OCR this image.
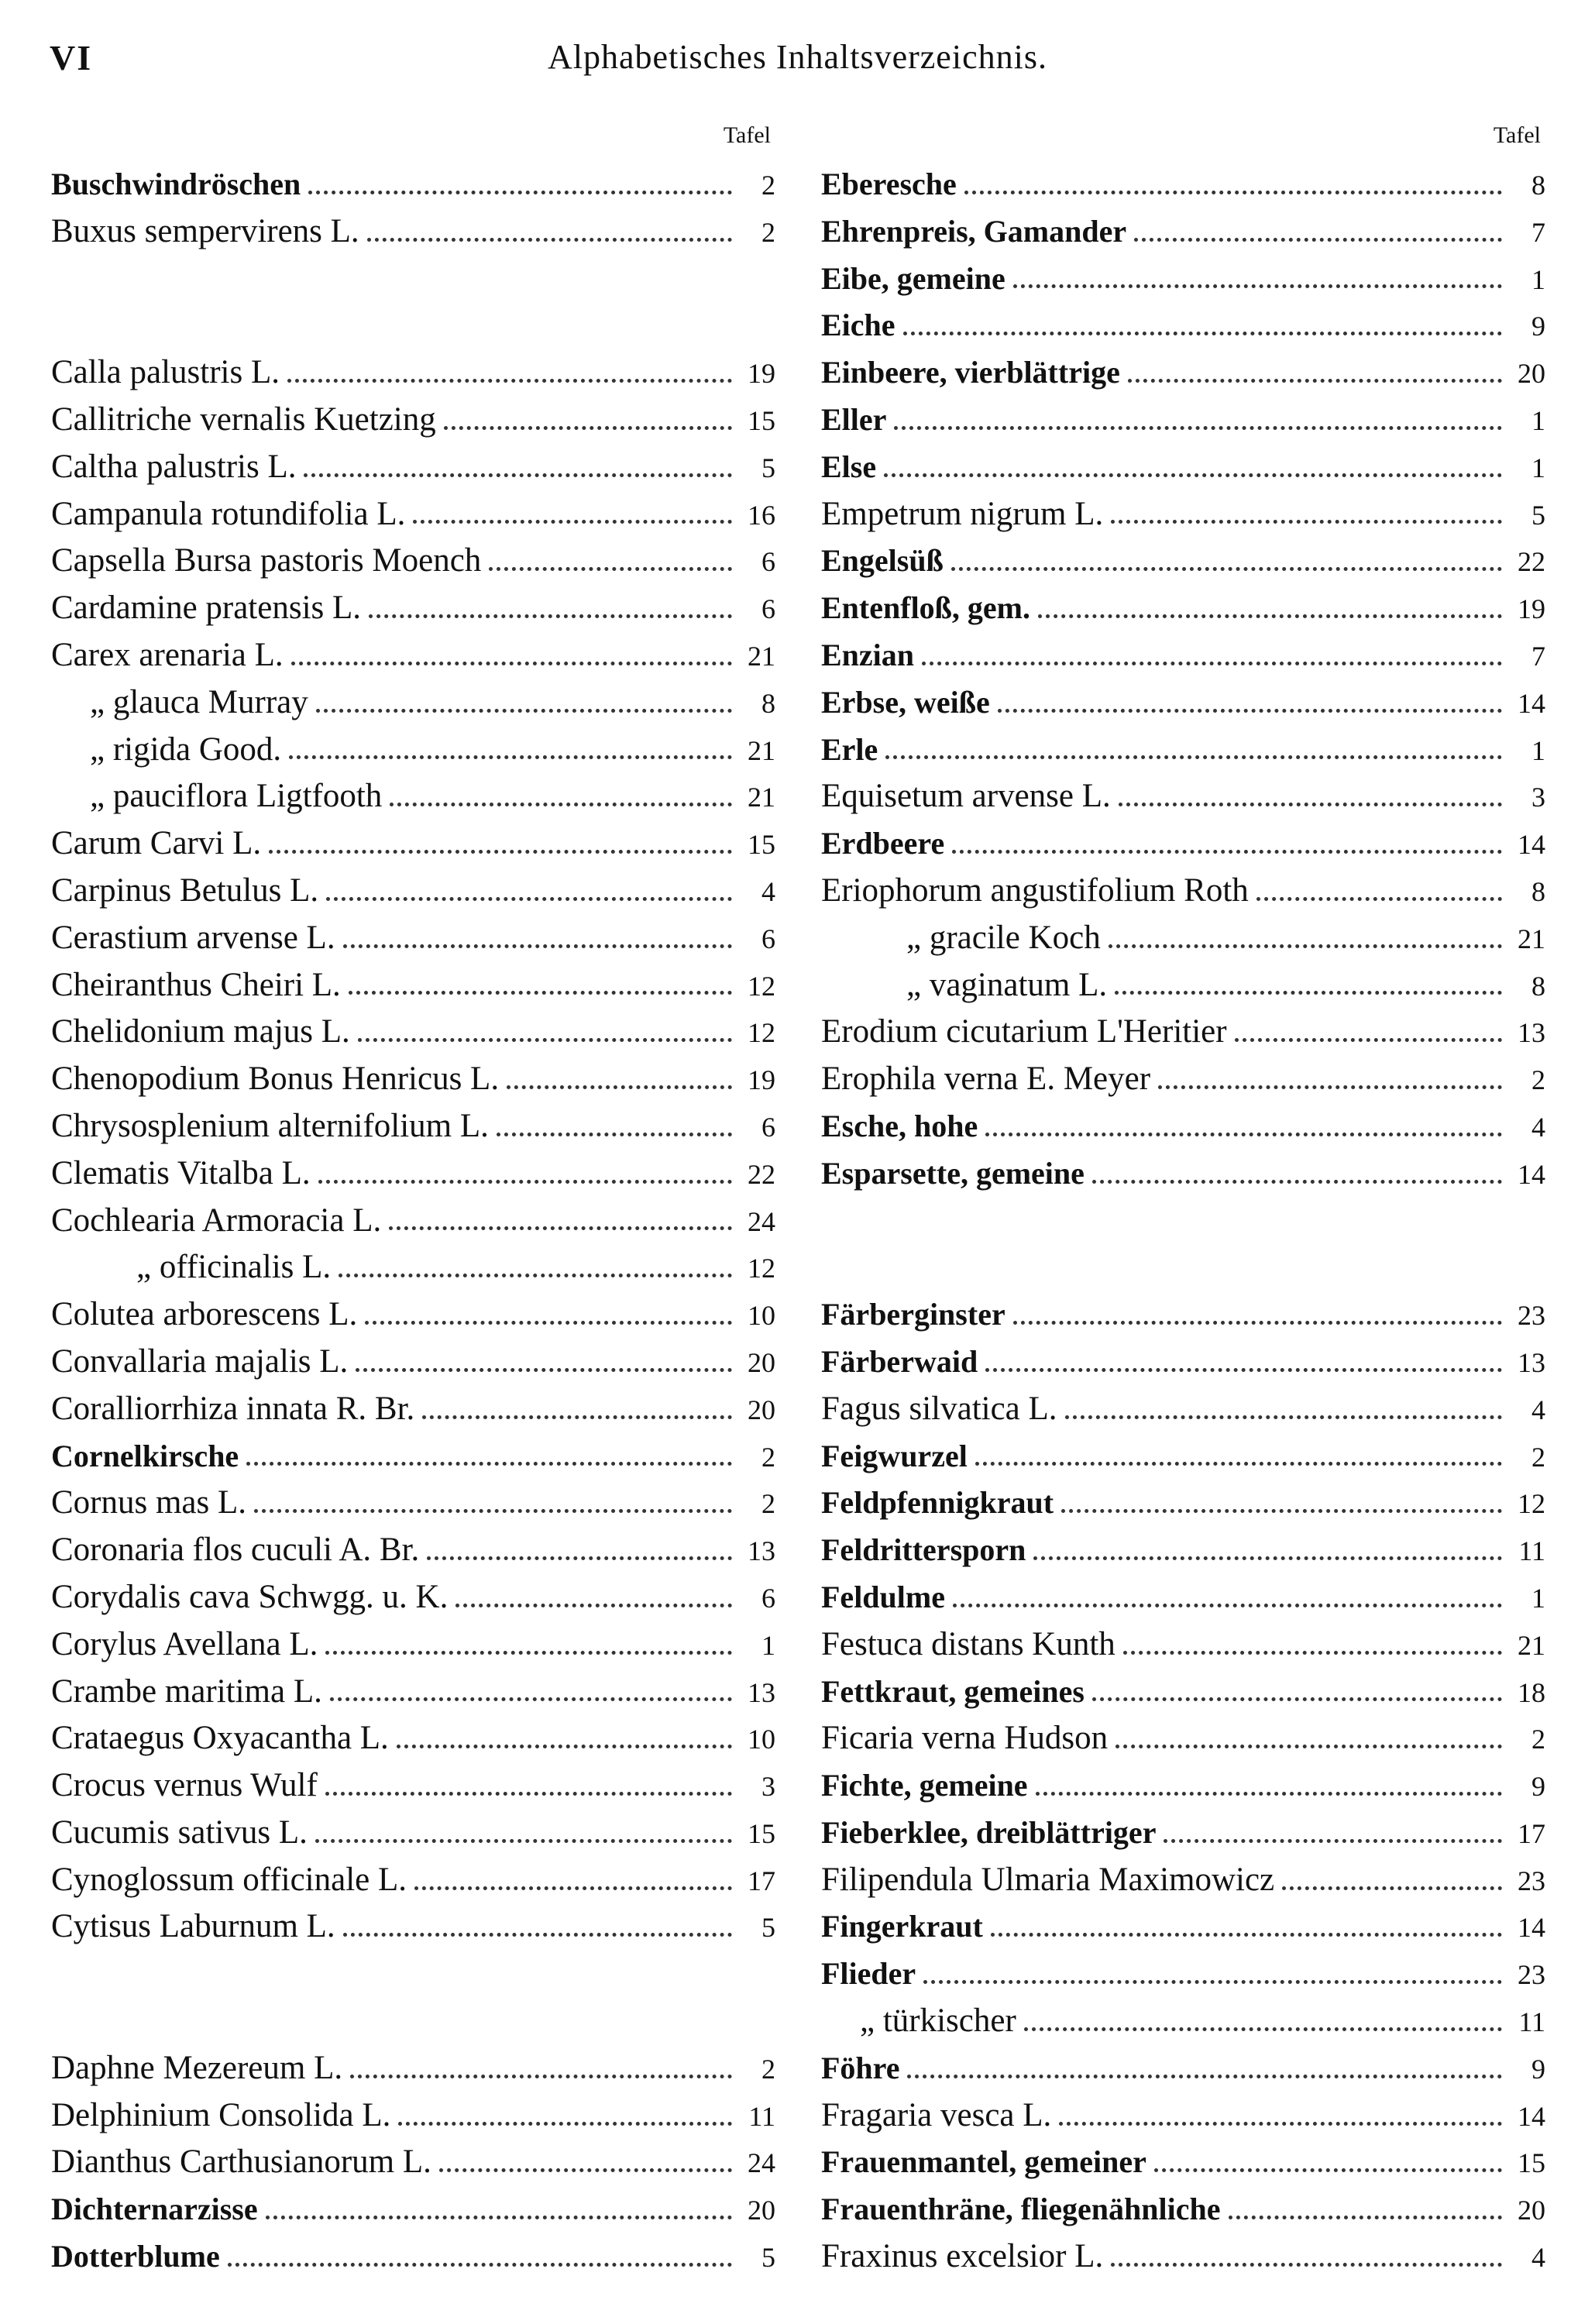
VI	Alphabetisches Inhaltsverzeichnis.
Tafel
Buschwindröschen	2
Buxus sempervirens L.	2
Calla palustris L.	19
Callitriche vernalis Kuetzing	15
Caltha palustris L.	5
Campanula rotundifolia L.	16
Capsella Bursa pastoris Moench	6
Cardamine pratensis L.	6
Carex arenaria L.	21
„ glauca Murray	8
„ rigida Good.	21
„ pauciflora Ligtfooth	21
Carum Carvi L.	15
Carpinus Betulus L.	4
Cerastium arvense L.	6
Cheiranthus Cheiri L.	12
Chelidonium majus L.	12
Chenopodium Bonus Henricus L.	19
Chrysosplenium alternifolium L.	6
Clematis Vitalba L.	22
Cochlearia Armoracia L.	24
„ officinalis L.	12
Colutea arborescens L.	10
Convallaria majalis L.	20
Coralliorrhiza innata R. Br.	20
Cornelkirsche	2
Cornus mas L.	2
Coronaria flos cuculi A. Br.	13
Corydalis cava Schwgg. u. K.	6
Corylus Avellana L.	1
Crambe maritima L.	13
Crataegus Oxyacantha L.	10
Crocus vernus Wulf	3
Cucumis sativus L.	15
Cynoglossum officinale L.	17
Cytisus Laburnum L.	5
Daphne Mezereum L.	2
Delphinium Consolida L.	11
Dianthus Carthusianorum L.	24
Dichternarzisse	20
Dotterblume	5
Tafel
Eberesche	8
Ehrenpreis, Gamander	7
Eibe, gemeine	1
Eiche	9
Einbeere, vierblättrige	20
Eller	1
Else	1
Empetrum nigrum L.	5
Engelsüß	22
Entenfloß, gem.	19
Enzian	7
Erbse, weiße	14
Erle	1
Equisetum arvense L.	3
Erdbeere	14
Eriophorum angustifolium Roth	8
„ gracile Koch	21
„ vaginatum L.	8
Erodium cicutarium L'Heritier	13
Erophila verna E. Meyer	2
Esche, hohe	4
Esparsette, gemeine	14
Färberginster	23
Färberwaid	13
Fagus silvatica L.	4
Feigwurzel	2
Feldpfennigkraut	12
Feldrittersporn	11
Feldulme	1
Festuca distans Kunth	21
Fettkraut, gemeines	18
Ficaria verna Hudson	2
Fichte, gemeine	9
Fieberklee, dreiblättriger	17
Filipendula Ulmaria Maximowicz	23
Fingerkraut	14
Flieder	23
„ türkischer	11
Föhre	9
Fragaria vesca L.	14
Frauenmantel, gemeiner	15
Frauenthräne, fliegenähnliche	20
Fraxinus excelsior L.	4
